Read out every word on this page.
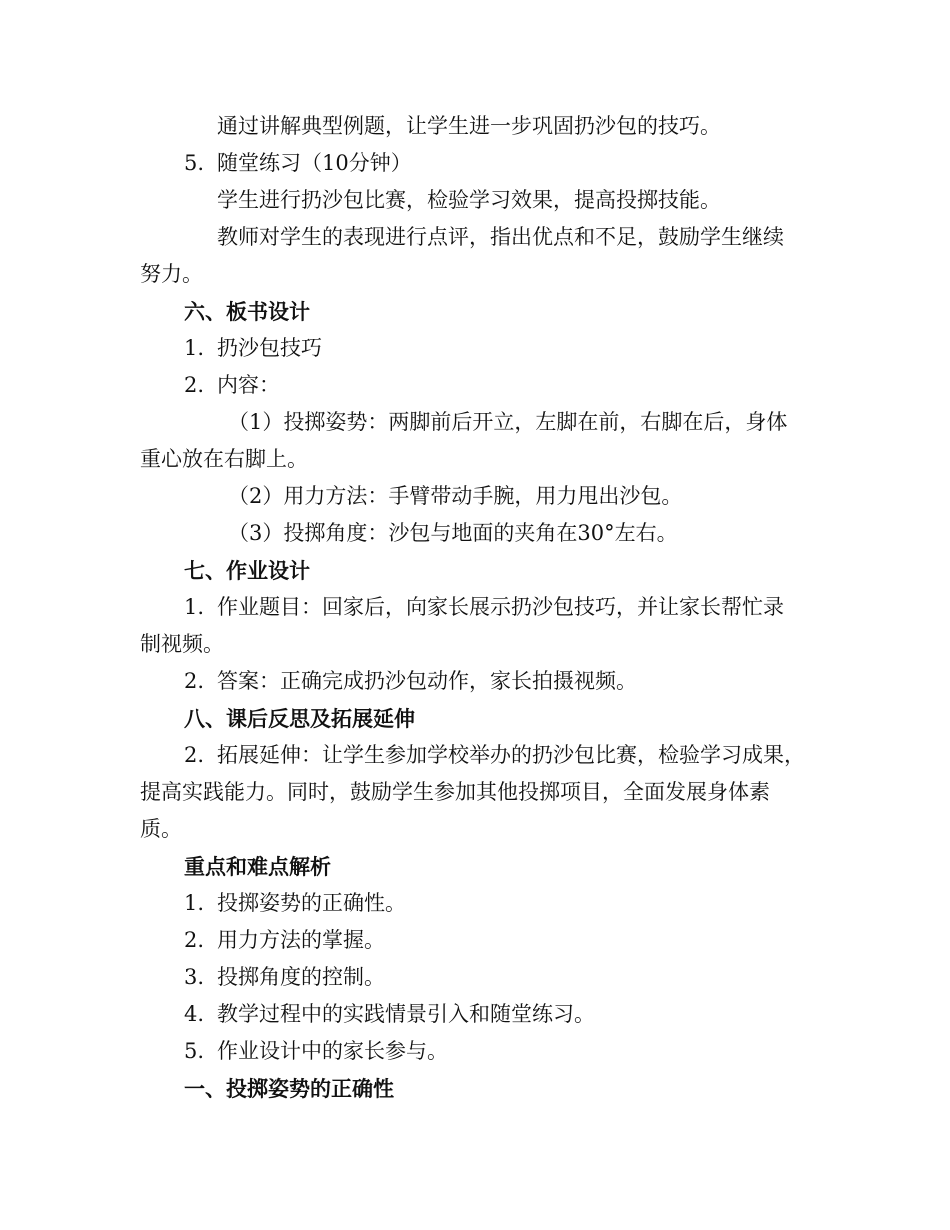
通过讲解典型例题，让学生进一步巩固扔沙包的技巧。
5. 随堂练习（10分钟）
学生进行扔沙包比赛，检验学习效果，提高投掷技能。
教师对学生的表现进行点评，指出优点和不足，鼓励学生继续
努力。
六、板书设计
1. 扔沙包技巧
2. 内容：
（1）投掷姿势：两脚前后开立，左脚在前，右脚在后，身体
重心放在右脚上。
（2）用力方法：手臂带动手腕，用力甩出沙包。
（3）投掷角度：沙包与地面的夹角在30°左右。
七、作业设计
1. 作业题目：回家后，向家长展示扔沙包技巧，并让家长帮忙录
制视频。
2. 答案：正确完成扔沙包动作，家长拍摄视频。
八、课后反思及拓展延伸
2. 拓展延伸：让学生参加学校举办的扔沙包比赛，检验学习成果，
提高实践能力。同时，鼓励学生参加其他投掷项目，全面发展身体素
质。
重点和难点解析
1. 投掷姿势的正确性。
2. 用力方法的掌握。
3. 投掷角度的控制。
4. 教学过程中的实践情景引入和随堂练习。
5. 作业设计中的家长参与。
一、投掷姿势的正确性
